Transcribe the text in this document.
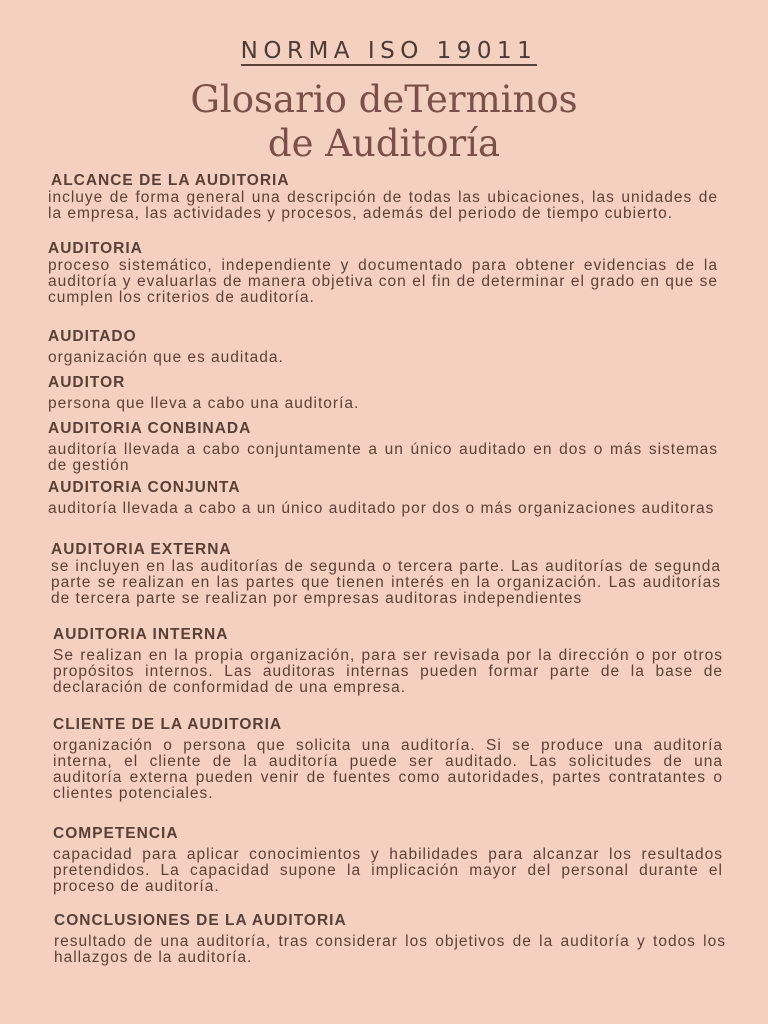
NORMA ISO 19011
Glosario deTerminos
de Auditoría
ALCANCE DE LA AUDITORIA
incluye de forma general una descripción de todas las ubicaciones, las unidades de la empresa, las actividades y procesos, además del periodo de tiempo cubierto.
AUDITORIA
proceso sistemático, independiente y documentado para obtener evidencias de la auditoría y evaluarlas de manera objetiva con el fin de determinar el grado en que se cumplen los criterios de auditoría.
AUDITADO
organización que es auditada.
AUDITOR
persona que lleva a cabo una auditoría.
AUDITORIA CONBINADA
auditoría llevada a cabo conjuntamente a un único auditado en dos o más sistemas de gestión
AUDITORIA CONJUNTA
auditoría llevada a cabo a un único auditado por dos o más organizaciones auditoras
AUDITORIA EXTERNA
se incluyen en las auditorías de segunda o tercera parte. Las auditorías de segunda parte se realizan en las partes que tienen interés en la organización. Las auditorías de tercera parte se realizan por empresas auditoras independientes
AUDITORIA INTERNA
Se realizan en la propia organización, para ser revisada por la dirección o por otros propósitos internos. Las auditoras internas pueden formar parte de la base de declaración de conformidad de una empresa.
CLIENTE DE LA AUDITORIA
organización o persona que solicita una auditoría. Si se produce una auditoría interna, el cliente de la auditoría puede ser auditado. Las solicitudes de una auditoría externa pueden venir de fuentes como autoridades, partes contratantes o clientes potenciales.
COMPETENCIA
capacidad para aplicar conocimientos y habilidades para alcanzar los resultados pretendidos. La capacidad supone la implicación mayor del personal durante el proceso de auditoría.
CONCLUSIONES DE LA AUDITORIA
resultado de una auditoría, tras considerar los objetivos de la auditoría y todos los hallazgos de la auditoría.
